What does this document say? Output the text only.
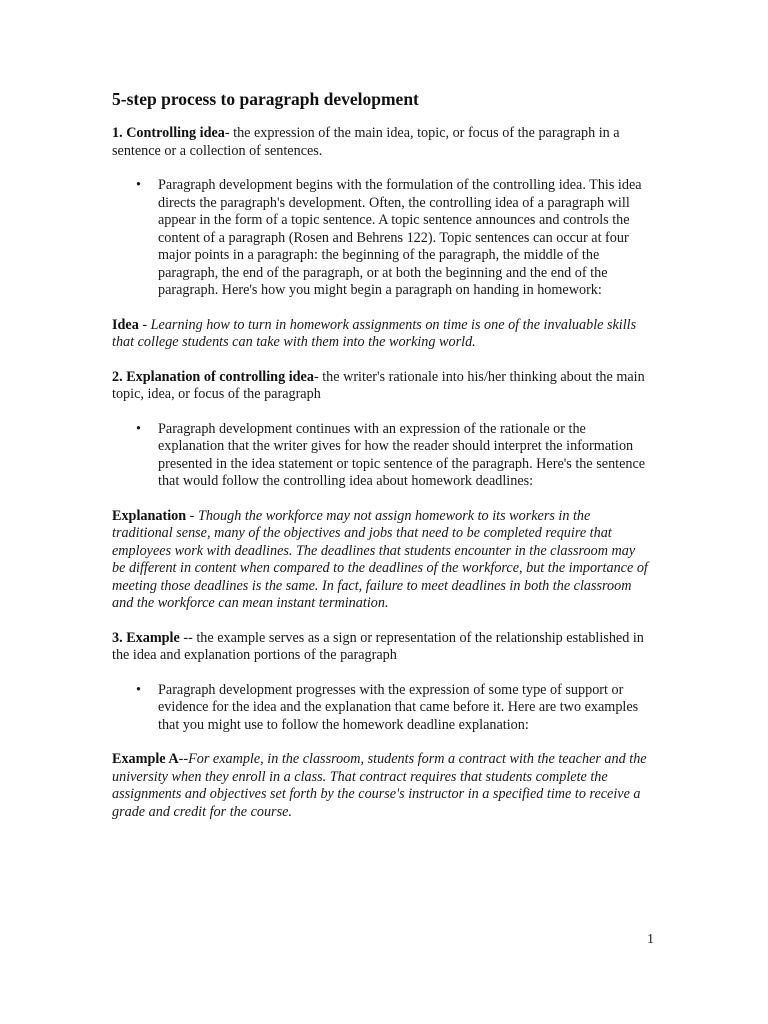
5-step process to paragraph development

1. Controlling idea- the expression of the main idea, topic, or focus of the paragraph in a sentence or a collection of sentences.

• Paragraph development begins with the formulation of the controlling idea. This idea directs the paragraph's development. Often, the controlling idea of a paragraph will appear in the form of a topic sentence. A topic sentence announces and controls the content of a paragraph (Rosen and Behrens 122). Topic sentences can occur at four major points in a paragraph: the beginning of the paragraph, the middle of the paragraph, the end of the paragraph, or at both the beginning and the end of the paragraph. Here's how you might begin a paragraph on handing in homework:

Idea - Learning how to turn in homework assignments on time is one of the invaluable skills that college students can take with them into the working world.

2. Explanation of controlling idea- the writer's rationale into his/her thinking about the main topic, idea, or focus of the paragraph

• Paragraph development continues with an expression of the rationale or the explanation that the writer gives for how the reader should interpret the information presented in the idea statement or topic sentence of the paragraph. Here's the sentence that would follow the controlling idea about homework deadlines:

Explanation - Though the workforce may not assign homework to its workers in the traditional sense, many of the objectives and jobs that need to be completed require that employees work with deadlines. The deadlines that students encounter in the classroom may be different in content when compared to the deadlines of the workforce, but the importance of meeting those deadlines is the same. In fact, failure to meet deadlines in both the classroom and the workforce can mean instant termination.

3. Example -- the example serves as a sign or representation of the relationship established in the idea and explanation portions of the paragraph

• Paragraph development progresses with the expression of some type of support or evidence for the idea and the explanation that came before it. Here are two examples that you might use to follow the homework deadline explanation:

Example A--For example, in the classroom, students form a contract with the teacher and the university when they enroll in a class. That contract requires that students complete the assignments and objectives set forth by the course's instructor in a specified time to receive a grade and credit for the course.

1
